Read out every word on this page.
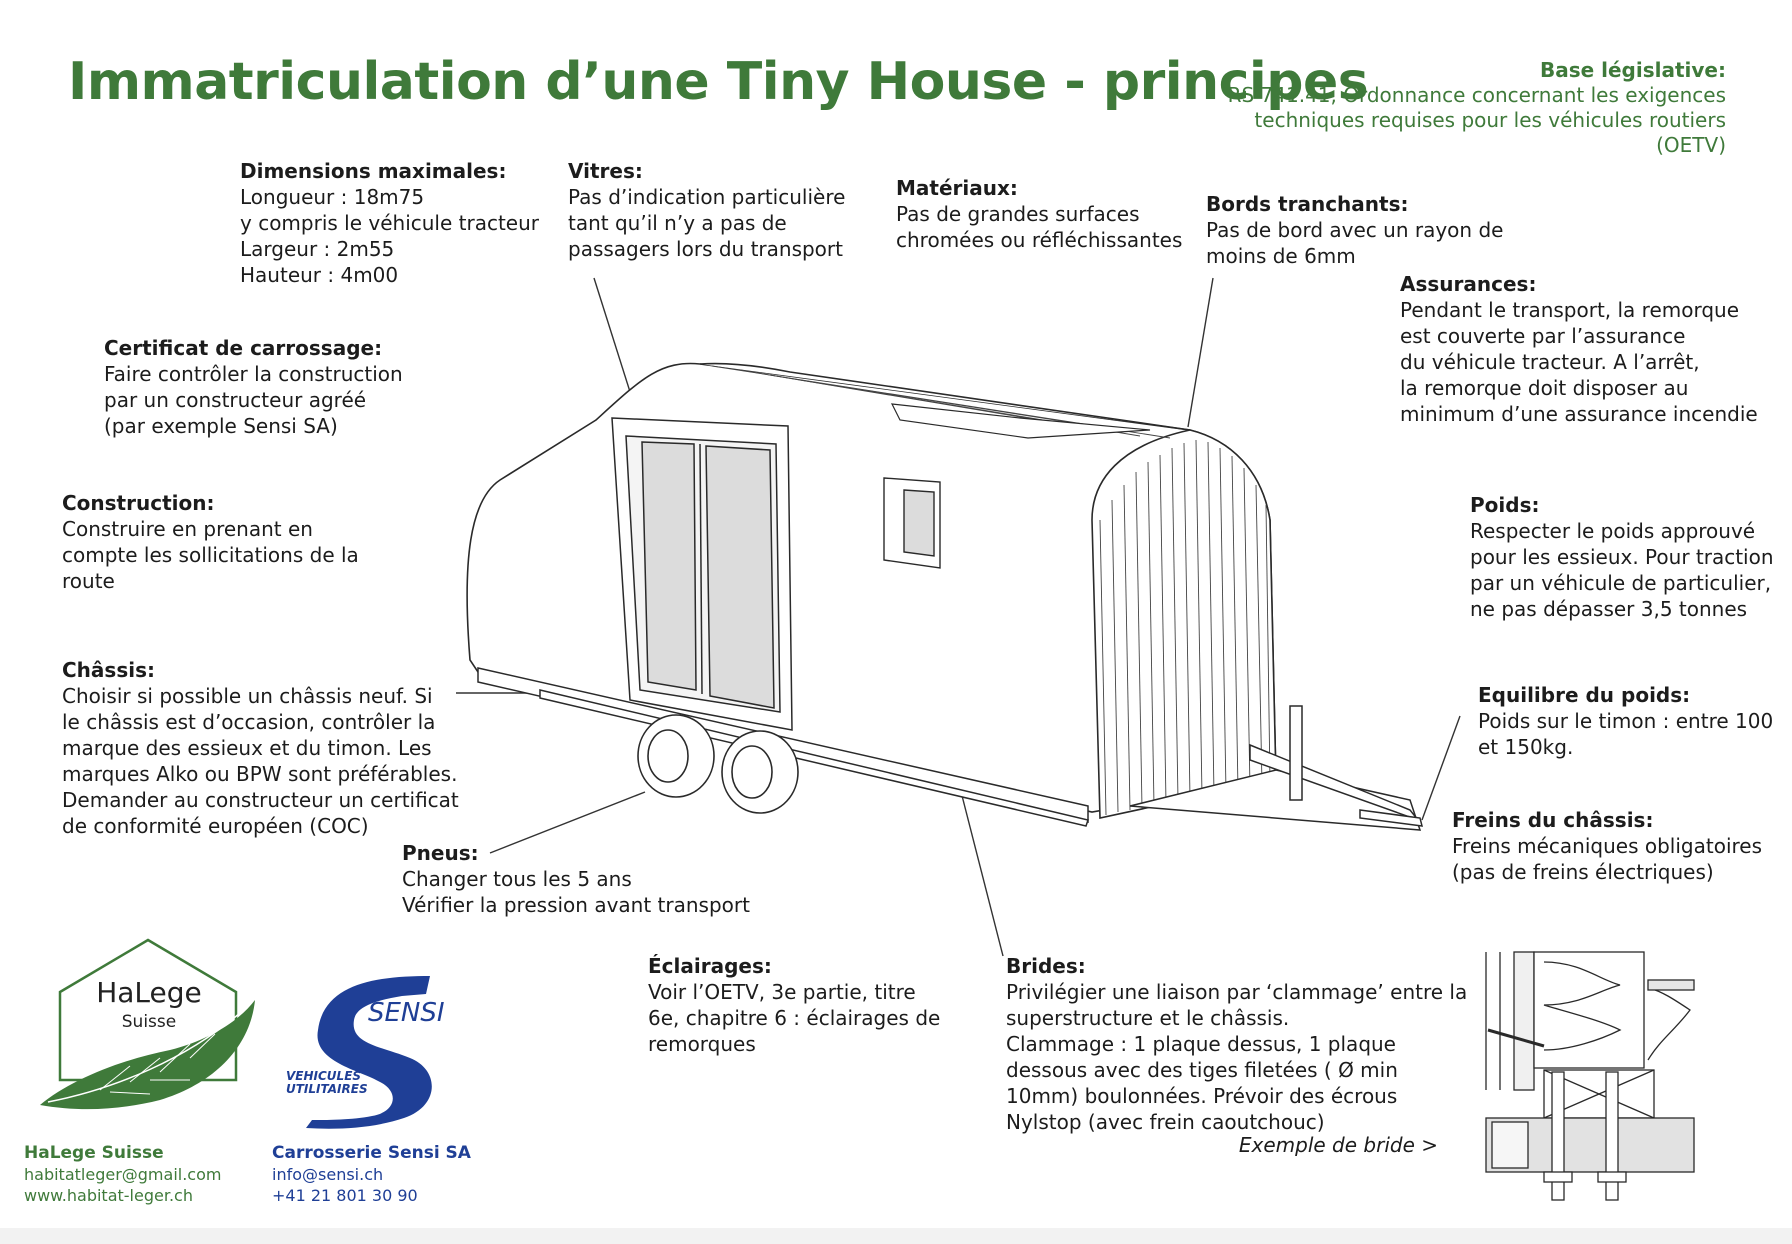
Immatriculation d’une Tiny House - principes	Base législative:
RS 741.41, Ordonnance concernant les exigences techniques requises pour les véhicules routiers (OETV)
Dimensions maximales:
Longueur : 18m75
y compris le véhicule tracteur
Largeur : 2m55
Hauteur : 4m00
Vitres:
Pas d’indication particulière
tant qu’il n’y a pas de
passagers lors du transport
Matériaux:
Pas de grandes surfaces
chromées ou réfléchissantes
Bords tranchants:
Pas de bord avec un rayon de
moins de 6mm
Assurances:
Pendant le transport, la remorque
est couverte par l’assurance
du véhicule tracteur. A l’arrêt,
la remorque doit disposer au
minimum d’une assurance incendie
Certificat de carrossage:
Faire contrôler la construction
par un constructeur agréé
(par exemple Sensi SA)
Construction:
Construire en prenant en
compte les sollicitations de la
route
Poids:
Respecter le poids approuvé
pour les essieux. Pour traction
par un véhicule de particulier,
ne pas dépasser 3,5 tonnes
Châssis:
Choisir si possible un châssis neuf. Si
le châssis est d’occasion, contrôler la
marque des essieux et du timon. Les
marques Alko ou BPW sont préférables.
Demander au constructeur un certificat
de conformité européen (COC)
Equilibre du poids:
Poids sur le timon : entre 100
et 150kg.
Freins du châssis:
Freins mécaniques obligatoires
(pas de freins électriques)
Pneus:
Changer tous les 5 ans
Vérifier la pression avant transport
Éclairages:
Voir l’OETV, 3e partie, titre
6e, chapitre 6 : éclairages de
remorques
Brides:
Privilégier une liaison par ‘clammage’ entre la
superstructure et le châssis.
Clammage : 1 plaque dessus, 1 plaque
dessous avec des tiges filetées ( Ø min
10mm) boulonnées. Prévoir des écrous
Nylstop (avec frein caoutchouc)
Exemple de bride >
HaLege
Suisse	SENSI
VEHICULES
UTILITAIRES
HaLege Suisse
habitatleger@gmail.com
www.habitat-leger.ch
Carrosserie Sensi SA
info@sensi.ch
+41 21 801 30 90
